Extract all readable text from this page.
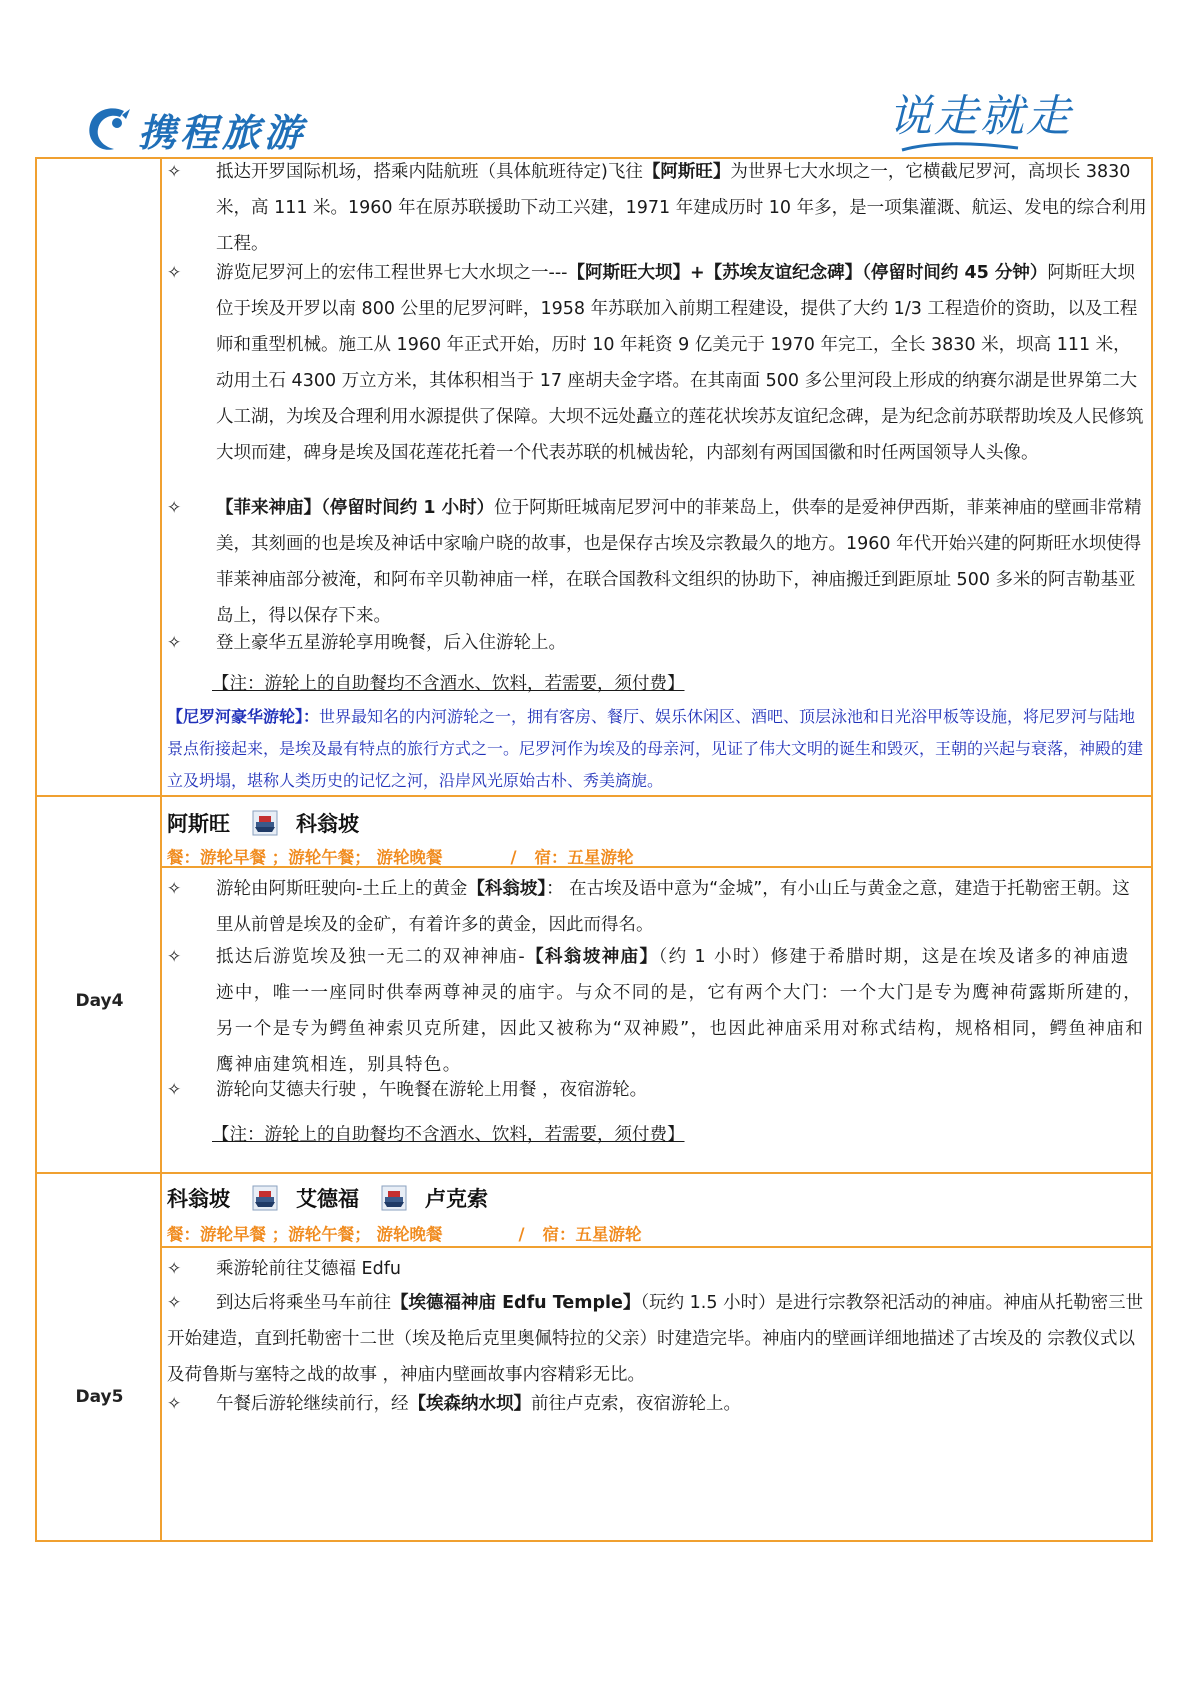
携程旅游	说走就走
✧	抵达开罗国际机场，搭乘内陆航班（具体航班待定)飞往【阿斯旺】为世界七大水坝之一，它横截尼罗河，高坝长 3830 米，高 111 米。1960 年在原苏联援助下动工兴建，1971 年建成历时 10 年多，是一项集灌溉、航运、发电的综合利用工程。
✧	游览尼罗河上的宏伟工程世界七大水坝之一---【阿斯旺大坝】+【苏埃友谊纪念碑】（停留时间约 45 分钟）阿斯旺大坝位于埃及开罗以南 800 公里的尼罗河畔，1958 年苏联加入前期工程建设，提供了大约 1/3 工程造价的资助，以及工程师和重型机械。施工从 1960 年正式开始，历时 10 年耗资 9 亿美元于 1970 年完工，全长 3830 米，坝高 111 米，动用土石 4300 万立方米，其体积相当于 17 座胡夫金字塔。在其南面 500 多公里河段上形成的纳赛尔湖是世界第二大人工湖，为埃及合理利用水源提供了保障。大坝不远处矗立的莲花状埃苏友谊纪念碑，是为纪念前苏联帮助埃及人民修筑大坝而建，碑身是埃及国花莲花托着一个代表苏联的机械齿轮，内部刻有两国国徽和时任两国领导人头像。
✧	【菲来神庙】（停留时间约 1 小时）位于阿斯旺城南尼罗河中的菲莱岛上，供奉的是爱神伊西斯，菲莱神庙的壁画非常精美，其刻画的也是埃及神话中家喻户晓的故事，也是保存古埃及宗教最久的地方。1960 年代开始兴建的阿斯旺水坝使得菲莱神庙部分被淹，和阿布辛贝勒神庙一样，在联合国教科文组织的协助下，神庙搬迁到距原址 500 多米的阿吉勒基亚岛上，得以保存下来。
✧	登上豪华五星游轮享用晚餐，后入住游轮上。
【注：游轮上的自助餐均不含酒水、饮料，若需要，须付费】
【尼罗河豪华游轮】：世界最知名的内河游轮之一，拥有客房、餐厅、娱乐休闲区、酒吧、顶层泳池和日光浴甲板等设施，将尼罗河与陆地景点衔接起来，是埃及最有特点的旅行方式之一。尼罗河作为埃及的母亲河，见证了伟大文明的诞生和毁灭，王朝的兴起与衰落，神殿的建立及坍塌，堪称人类历史的记忆之河，沿岸风光原始古朴、秀美旖旎。
Day4
阿斯旺	科翁坡
餐：游轮早餐 ；游轮午餐； 游轮晚餐	/ 宿：五星游轮
✧	游轮由阿斯旺驶向-土丘上的黄金【科翁坡】： 在古埃及语中意为“金城”，有小山丘与黄金之意，建造于托勒密王朝。这里从前曾是埃及的金矿，有着许多的黄金，因此而得名。
✧	抵达后游览埃及独一无二的双神神庙-【科翁坡神庙】（约 1 小时）修建于希腊时期，这是在埃及诸多的神庙遗迹中，唯一一座同时供奉两尊神灵的庙宇。与众不同的是，它有两个大门：一个大门是专为鹰神荷露斯所建的，另一个是专为鳄鱼神索贝克所建，因此又被称为“双神殿”，也因此神庙采用对称式结构，规格相同，鳄鱼神庙和鹰神庙建筑相连，别具特色。
✧	游轮向艾德夫行驶 ，午晚餐在游轮上用餐 ，夜宿游轮。
【注：游轮上的自助餐均不含酒水、饮料，若需要，须付费】
Day5
科翁坡	艾德福	卢克索
餐：游轮早餐 ；游轮午餐； 游轮晚餐	/ 宿：五星游轮
✧	乘游轮前往艾德福 Edfu
✧	到达后将乘坐马车前往【埃德福神庙 Edfu Temple】（玩约 1.5 小时）是进行宗教祭祀活动的神庙。神庙从托勒密三世开始建造，直到托勒密十二世（埃及艳后克里奥佩特拉的父亲）时建造完毕。神庙内的壁画详细地描述了古埃及的 宗教仪式以及荷鲁斯与塞特之战的故事 ，神庙内壁画故事内容精彩无比。
✧	午餐后游轮继续前行，经【埃森纳水坝】前往卢克索，夜宿游轮上。
